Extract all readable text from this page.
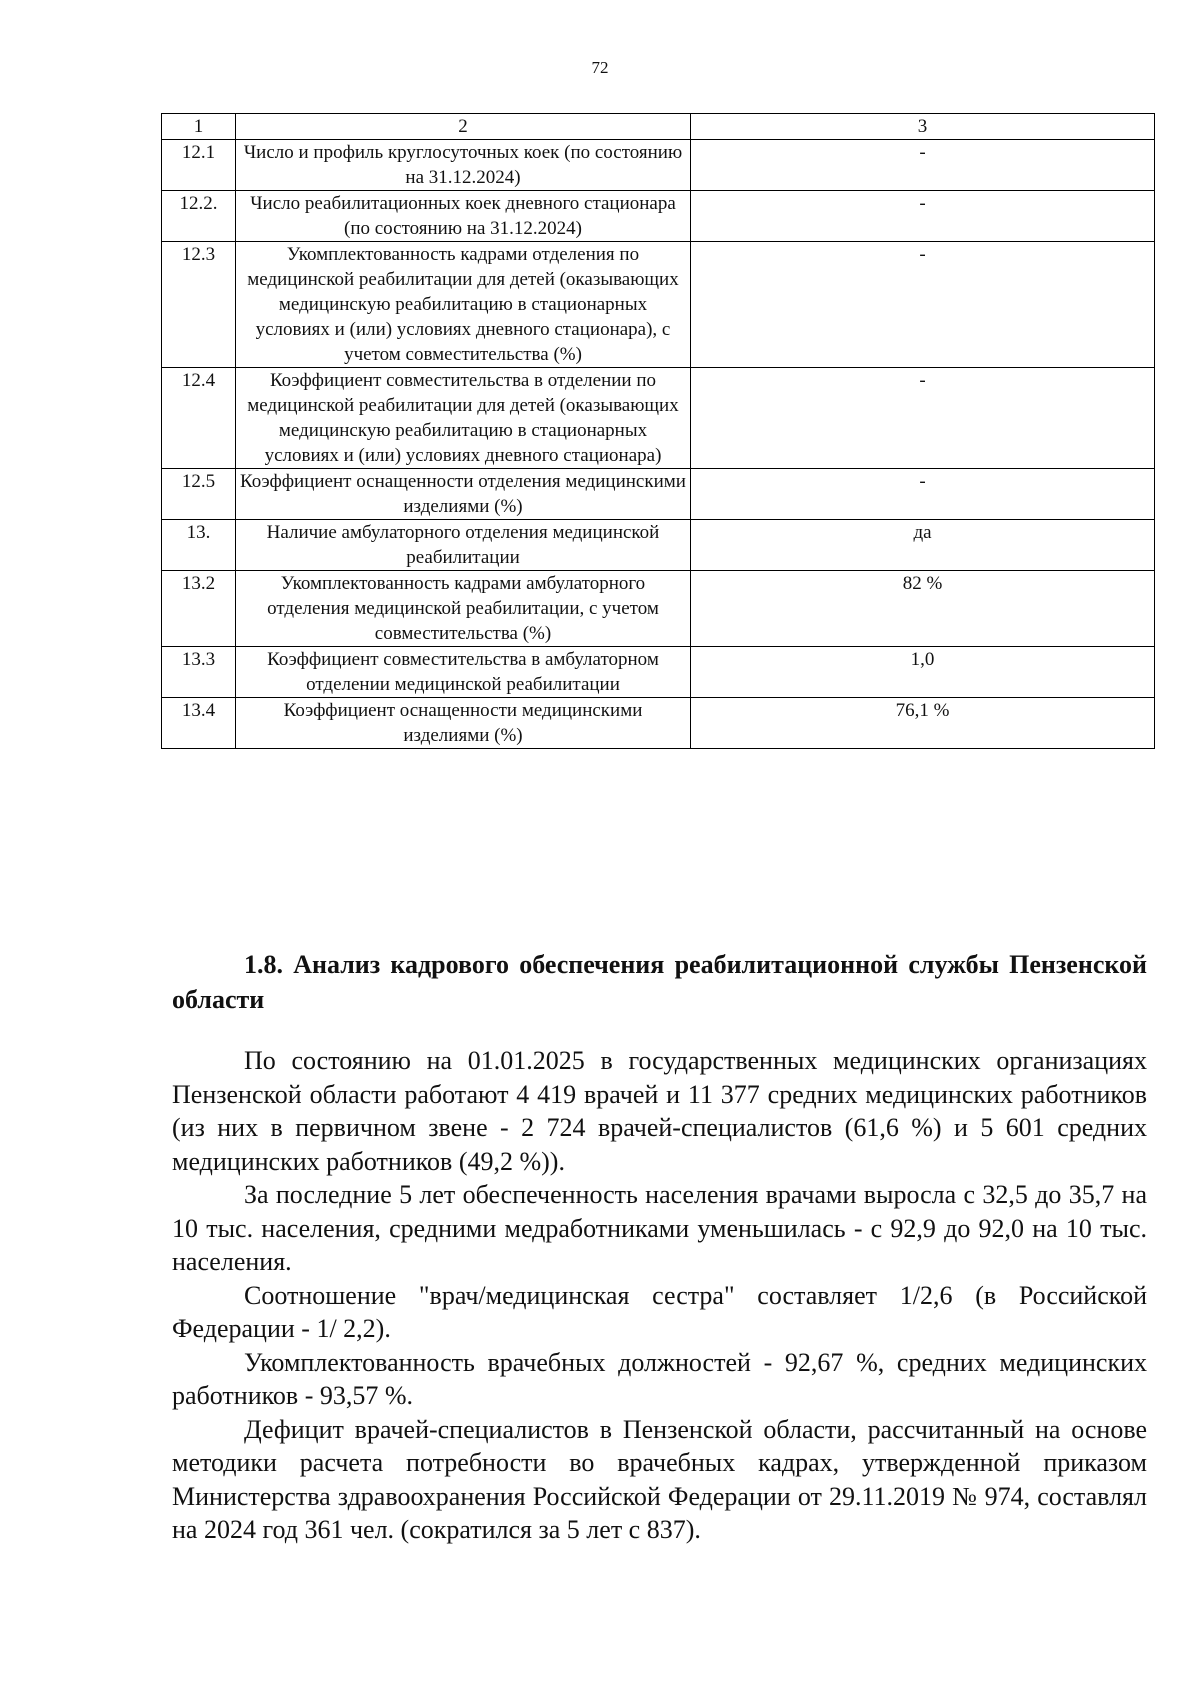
72
1	2	3
12.1	Число и профиль круглосуточных коек (по состоянию на 31.12.2024)	-
12.2.	Число реабилитационных коек дневного стационара (по состоянию на 31.12.2024)	-
12.3	Укомплектованность кадрами отделения по медицинской реабилитации для детей (оказывающих медицинскую реабилитацию в стационарных условиях и (или) условиях дневного стационара), с учетом совместительства (%)	-
12.4	Коэффициент совместительства в отделении по медицинской реабилитации для детей (оказывающих медицинскую реабилитацию в стационарных условиях и (или) условиях дневного стационара)	-
12.5	Коэффициент оснащенности отделения медицинскими изделиями (%)	-
13.	Наличие амбулаторного отделения медицинской реабилитации	да
13.2	Укомплектованность кадрами амбулаторного отделения медицинской реабилитации, с учетом совместительства (%)	82 %
13.3	Коэффициент совместительства в амбулаторном отделении медицинской реабилитации	1,0
13.4	Коэффициент оснащенности медицинскими изделиями (%)	76,1 %
1.8. Анализ кадрового обеспечения реабилитационной службы Пензенской области

По состоянию на 01.01.2025 в государственных медицинских организациях Пензенской области работают 4 419 врачей и 11 377 средних медицинских работников (из них в первичном звене - 2 724 врачей-специалистов (61,6 %) и 5 601 средних медицинских работников (49,2 %)).

За последние 5 лет обеспеченность населения врачами выросла с 32,5 до 35,7 на 10 тыс. населения, средними медработниками уменьшилась - с 92,9 до 92,0 на 10 тыс. населения.

Соотношение "врач/медицинская сестра" составляет 1/2,6 (в Российской Федерации - 1/ 2,2).

Укомплектованность врачебных должностей - 92,67 %, средних медицинских работников - 93,57 %.

Дефицит врачей-специалистов в Пензенской области, рассчитанный на основе методики расчета потребности во врачебных кадрах, утвержденной приказом Министерства здравоохранения Российской Федерации от 29.11.2019 № 974, составлял на 2024 год 361 чел. (сократился за 5 лет с 837).
